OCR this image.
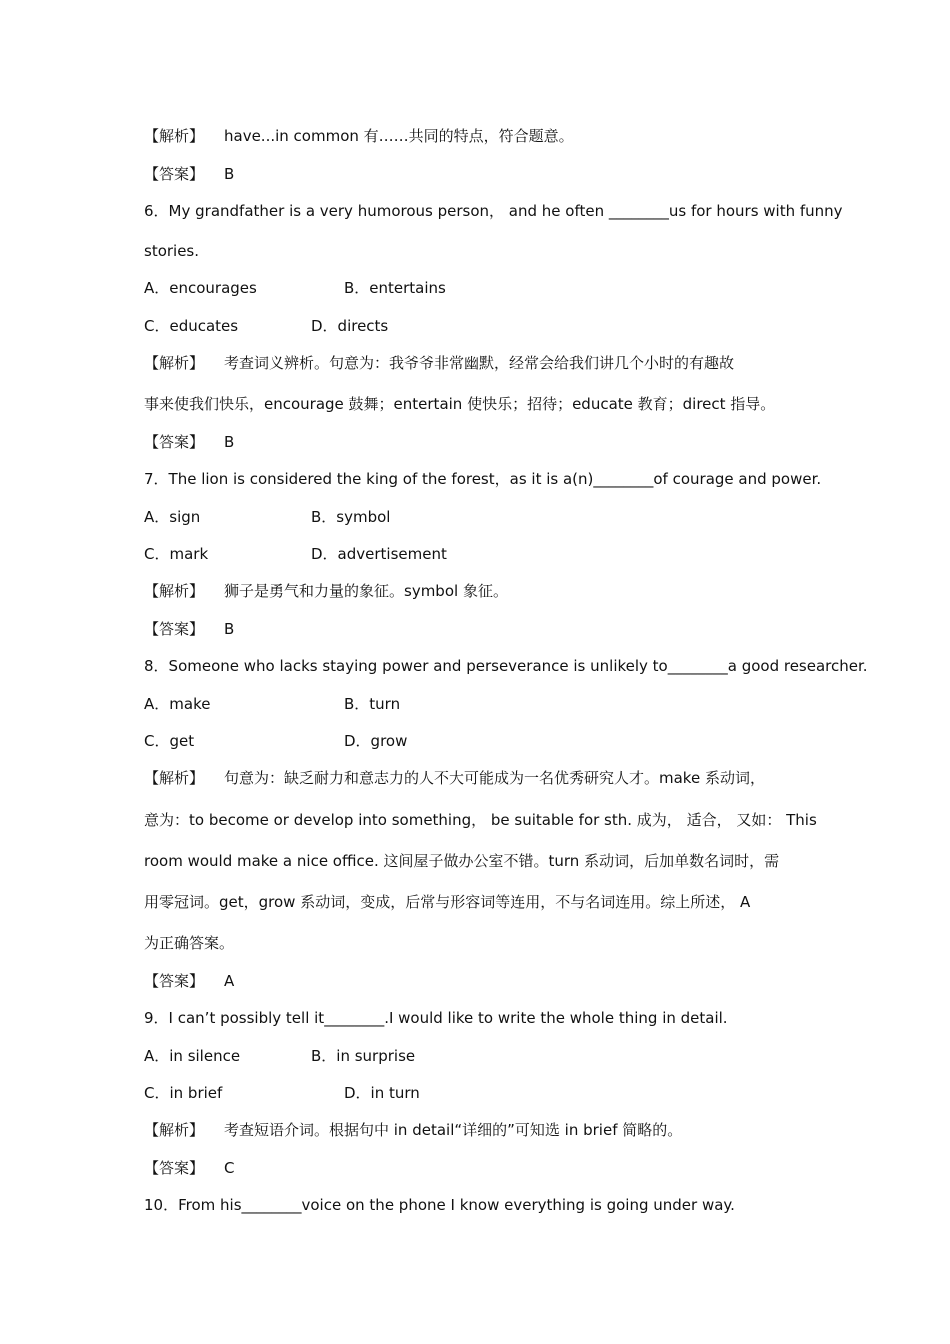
【解析】 have...in common 有……共同的特点，符合题意。
【答案】 B
6．My grandfather is a very humorous person， and he often ________us for hours with funny
stories.
A．encourages	B．entertains
C．educates	D．directs
【解析】 考查词义辨析。句意为：我爷爷非常幽默，经常会给我们讲几个小时的有趣故
事来使我们快乐，encourage 鼓舞；entertain 使快乐；招待；educate 教育；direct 指导。
【答案】 B
7．The lion is considered the king of the forest，as it is a(n)________of courage and power.
A．sign	B．symbol
C．mark	D．advertisement
【解析】 狮子是勇气和力量的象征。symbol 象征。
【答案】 B
8．Someone who lacks staying power and perseverance is unlikely to________a good researcher.
A．make	B．turn
C．get	D．grow
【解析】 句意为：缺乏耐力和意志力的人不大可能成为一名优秀研究人才。make 系动词，
意为：to become or develop into something， be suitable for sth. 成为， 适合， 又如： This
room would make a nice office. 这间屋子做办公室不错。turn 系动词，后加单数名词时，需
用零冠词。get，grow 系动词，变成，后常与形容词等连用，不与名词连用。综上所述， A
为正确答案。
【答案】 A
9．I can’t possibly tell it________.I would like to write the whole thing in detail.
A．in silence	B．in surprise
C．in brief	D．in turn
【解析】 考查短语介词。根据句中 in detail“详细的”可知选 in brief 简略的。
【答案】 C
10．From his________voice on the phone I know everything is going under way.
